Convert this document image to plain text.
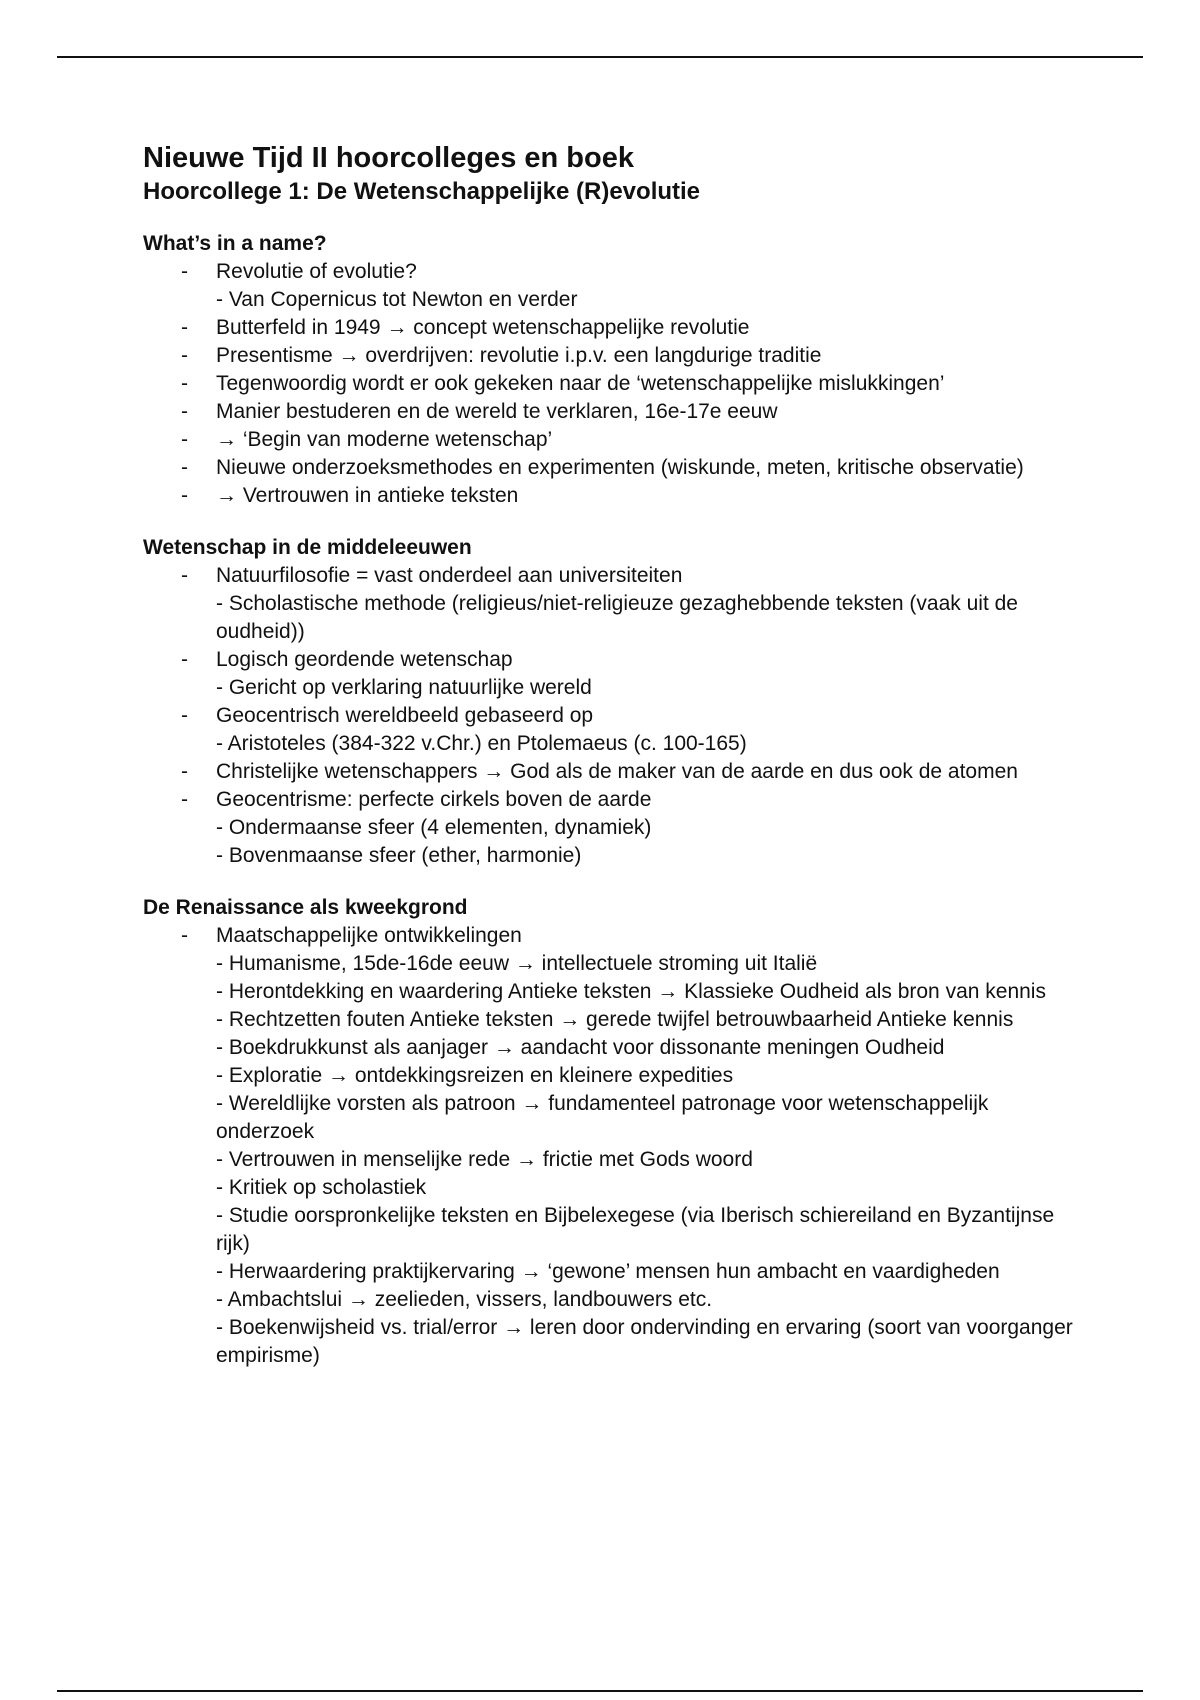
Nieuwe Tijd II hoorcolleges en boek
Hoorcollege 1: De Wetenschappelijke (R)evolutie
What’s in a name?
- Revolutie of evolutie?
- Van Copernicus tot Newton en verder
- Butterfeld in 1949 → concept wetenschappelijke revolutie
- Presentisme → overdrijven: revolutie i.p.v. een langdurige traditie
- Tegenwoordig wordt er ook gekeken naar de ‘wetenschappelijke mislukkingen’
- Manier bestuderen en de wereld te verklaren, 16e-17e eeuw
- → ‘Begin van moderne wetenschap’
- Nieuwe onderzoeksmethodes en experimenten (wiskunde, meten, kritische observatie)
- → Vertrouwen in antieke teksten
Wetenschap in de middeleeuwen
- Natuurfilosofie = vast onderdeel aan universiteiten
- Scholastische methode (religieus/niet-religieuze gezaghebbende teksten (vaak uit de oudheid))
- Logisch geordende wetenschap
- Gericht op verklaring natuurlijke wereld
- Geocentrisch wereldbeeld gebaseerd op
- Aristoteles (384-322 v.Chr.) en Ptolemaeus (c. 100-165)
- Christelijke wetenschappers → God als de maker van de aarde en dus ook de atomen
- Geocentrisme: perfecte cirkels boven de aarde
- Ondermaanse sfeer (4 elementen, dynamiek)
- Bovenmaanse sfeer (ether, harmonie)
De Renaissance als kweekgrond
- Maatschappelijke ontwikkelingen
- Humanisme, 15de-16de eeuw → intellectuele stroming uit Italië
- Herontdekking en waardering Antieke teksten → Klassieke Oudheid als bron van kennis
- Rechtzetten fouten Antieke teksten → gerede twijfel betrouwbaarheid Antieke kennis
- Boekdrukkunst als aanjager → aandacht voor dissonante meningen Oudheid
- Exploratie → ontdekkingsreizen en kleinere expedities
- Wereldlijke vorsten als patroon → fundamenteel patronage voor wetenschappelijk onderzoek
- Vertrouwen in menselijke rede → frictie met Gods woord
- Kritiek op scholastiek
- Studie oorspronkelijke teksten en Bijbelexegese (via Iberisch schiereiland en Byzantijnse rijk)
- Herwaardering praktijkervaring → ‘gewone’ mensen hun ambacht en vaardigheden
- Ambachtslui → zeelieden, vissers, landbouwers etc.
- Boekenwijsheid vs. trial/error → leren door ondervinding en ervaring (soort van voorganger empirisme)
